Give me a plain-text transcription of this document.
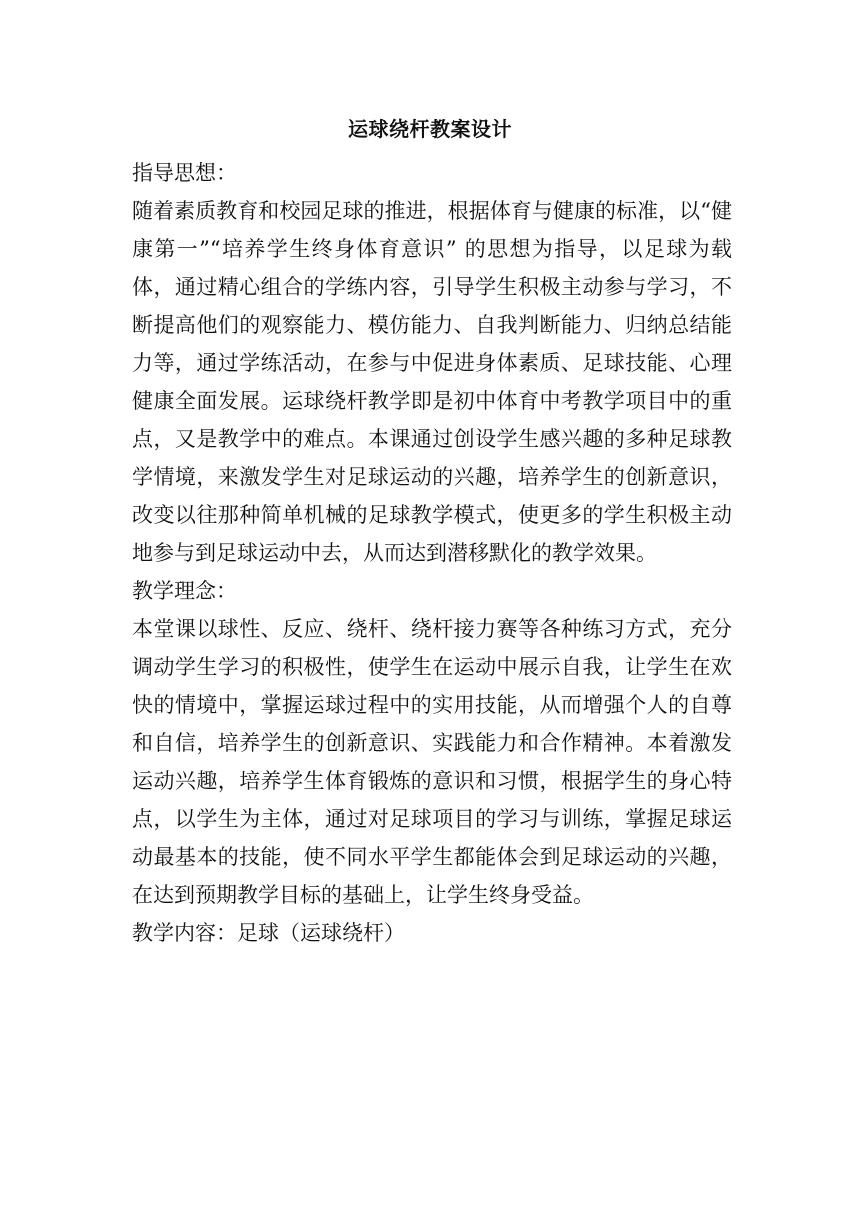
运球绕杆教案设计
指导思想：
随着素质教育和校园足球的推进，根据体育与健康的标准，以“健康第一”“培养学生终身体育意识” 的思想为指导，以足球为载体，通过精心组合的学练内容，引导学生积极主动参与学习，不断提高他们的观察能力、模仿能力、自我判断能力、归纳总结能力等，通过学练活动，在参与中促进身体素质、足球技能、心理健康全面发展。运球绕杆教学即是初中体育中考教学项目中的重点，又是教学中的难点。本课通过创设学生感兴趣的多种足球教学情境，来激发学生对足球运动的兴趣，培养学生的创新意识，改变以往那种简单机械的足球教学模式，使更多的学生积极主动地参与到足球运动中去，从而达到潜移默化的教学效果。
教学理念：
本堂课以球性、反应、绕杆、绕杆接力赛等各种练习方式，充分调动学生学习的积极性，使学生在运动中展示自我，让学生在欢快的情境中，掌握运球过程中的实用技能，从而增强个人的自尊和自信，培养学生的创新意识、实践能力和合作精神。本着激发运动兴趣，培养学生体育锻炼的意识和习惯，根据学生的身心特点，以学生为主体，通过对足球项目的学习与训练，掌握足球运动最基本的技能，使不同水平学生都能体会到足球运动的兴趣，在达到预期教学目标的基础上，让学生终身受益。
教学内容：足球（运球绕杆）
